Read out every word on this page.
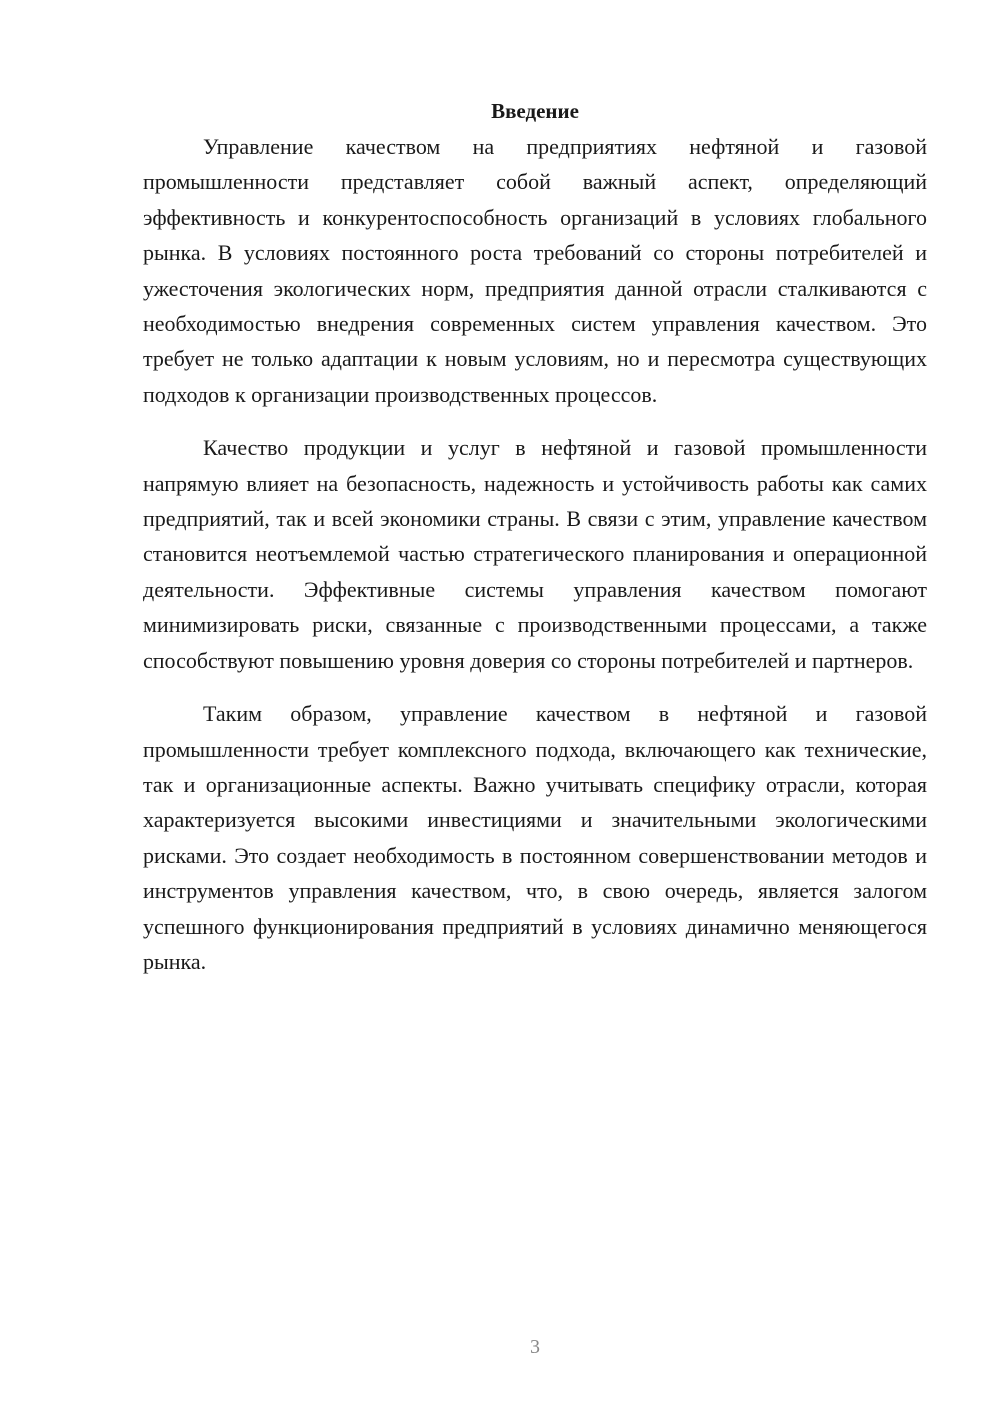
Введение

Управление качеством на предприятиях нефтяной и газовой промышленности представляет собой важный аспект, определяющий эффективность и конкурентоспособность организаций в условиях глобального рынка. В условиях постоянного роста требований со стороны потребителей и ужесточения экологических норм, предприятия данной отрасли сталкиваются с необходимостью внедрения современных систем управления качеством. Это требует не только адаптации к новым условиям, но и пересмотра существующих подходов к организации производственных процессов.

Качество продукции и услуг в нефтяной и газовой промышленности напрямую влияет на безопасность, надежность и устойчивость работы как самих предприятий, так и всей экономики страны. В связи с этим, управление качеством становится неотъемлемой частью стратегического планирования и операционной деятельности. Эффективные системы управления качеством помогают минимизировать риски, связанные с производственными процессами, а также способствуют повышению уровня доверия со стороны потребителей и партнеров.

Таким образом, управление качеством в нефтяной и газовой промышленности требует комплексного подхода, включающего как технические, так и организационные аспекты. Важно учитывать специфику отрасли, которая характеризуется высокими инвестициями и значительными экологическими рисками. Это создает необходимость в постоянном совершенствовании методов и инструментов управления качеством, что, в свою очередь, является залогом успешного функционирования предприятий в условиях динамично меняющегося рынка.

3
